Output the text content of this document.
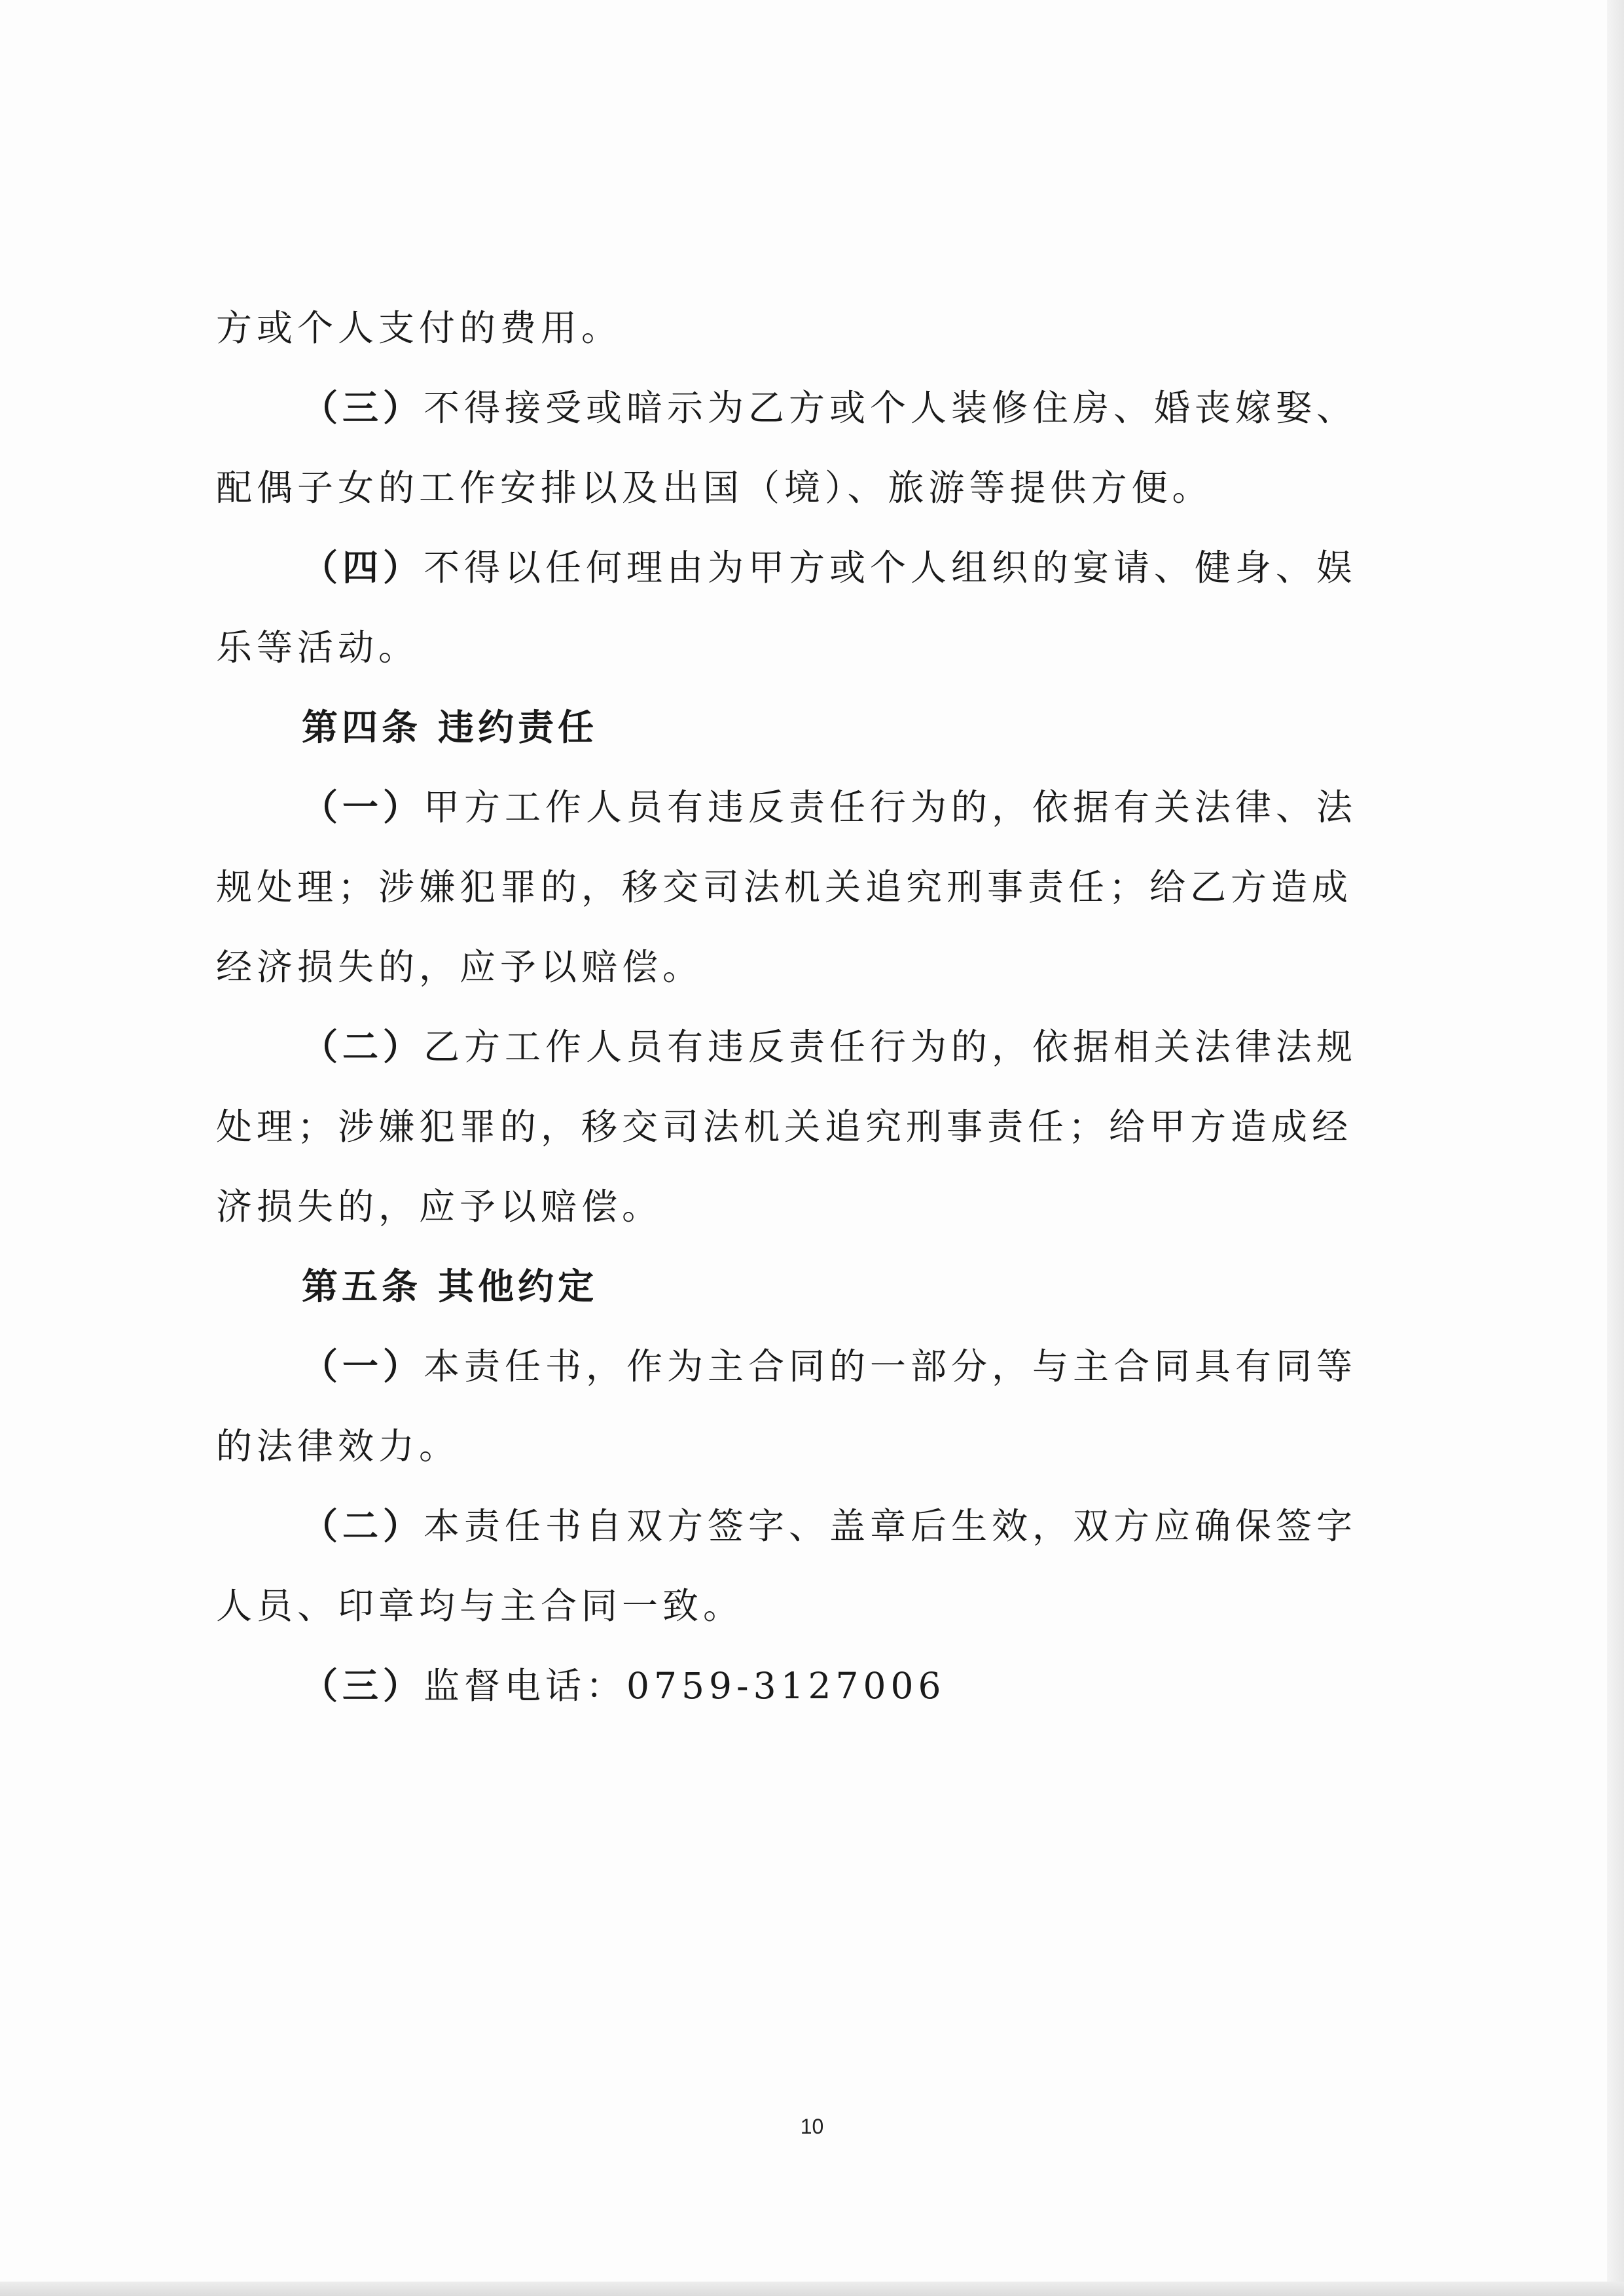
方或个人支付的费用。
（三）不得接受或暗示为乙方或个人装修住房、婚丧嫁娶、
配偶子女的工作安排以及出国（境）、旅游等提供方便。
（四）不得以任何理由为甲方或个人组织的宴请、健身、娱
乐等活动。
第四条 违约责任
（一）甲方工作人员有违反责任行为的，依据有关法律、法
规处理；涉嫌犯罪的，移交司法机关追究刑事责任；给乙方造成
经济损失的，应予以赔偿。
（二）乙方工作人员有违反责任行为的，依据相关法律法规
处理；涉嫌犯罪的，移交司法机关追究刑事责任；给甲方造成经
济损失的，应予以赔偿。
第五条 其他约定
（一）本责任书，作为主合同的一部分，与主合同具有同等
的法律效力。
（二）本责任书自双方签字、盖章后生效，双方应确保签字
人员、印章均与主合同一致。
（三）监督电话：0759-3127006
10
